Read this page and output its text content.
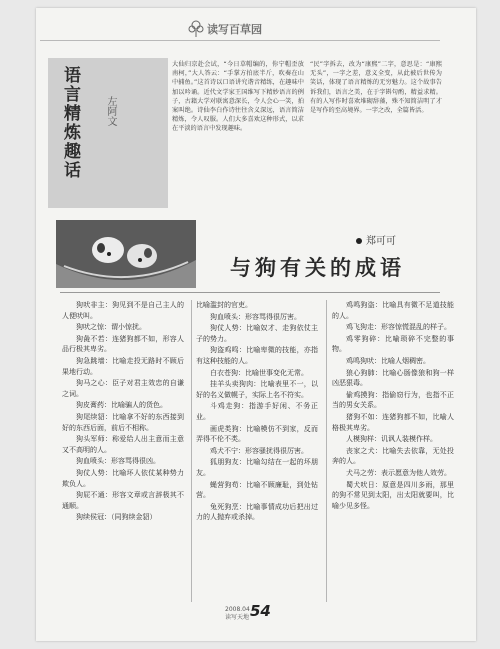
读写百草园
语言精炼趣话	左阿文
大仙归京赴会试，“今日草帽编的，你宁帽歪放南柯，”大人答云：“手掌方拍底半斤，吹奏在山中捕鱼。”这首诗以口语讲究谐音精练，在趣味中加以吟诵。近代文学家王国维写下精妙语言的例子，古籍大学对联寓意深长，令人会心一笑，拍案叫绝。诗仙李白作诗往往含义深远，语言简洁精炼，令人叹服。人们大多喜欢这种形式，以求在平淡的语言中发现趣味。
“民”字拆去，改为“康熙”二字，意思是：“康熙无头”，一字之差，意义全变，从此被后世传为笑话，体现了语言精炼的无穷魅力。这个故事告诉我们，语言之美，在于字斟句酌，精益求精。有的人写作时喜欢堆砌辞藻，殊不知简洁明了才是写作的至高境界。一字之改，全篇皆活。
郑可可
与狗有关的成语

狗吠非主：狗见到不是自己主人的人便吠叫。

狗吠之惊：谓小惊扰。

狗彘不若：连猪狗都不如，形容人品行极其卑劣。

狗急跳墙：比喻走投无路时不顾后果地行动。

狗马之心：臣子对君主效忠的自谦之词。

狗皮膏药：比喻骗人的货色。

狗尾续貂：比喻拿不好的东西接到好的东西后面，前后不相称。

狗头军师：称爱给人出主意而主意又不高明的人。

狗血喷头：形容骂得很凶。

狗仗人势：比喻坏人依仗某种势力欺负人。

狗屁不通：形容文章或言辞极其不通顺。

狗续侯冠：（同狗续金貂）

比喻滥封的官吏。

狗血喷头：形容骂得很厉害。

狗仗人势：比喻奴才、走狗依仗主子的势力。

狗盗鸡鸣：比喻卑微的技能，亦指有这种技能的人。

白衣苍狗：比喻世事变化无常。

挂羊头卖狗肉：比喻表里不一，以好的名义做幌子，实际上名不符实。

斗鸡走狗：指游手好闲、不务正业。

画虎类狗：比喻模仿不到家，反而弄得不伦不类。

鸡犬不宁：形容骚扰得很厉害。

狐朋狗友：比喻勾结在一起的坏朋友。

蝇营狗苟：比喻不顾廉耻，到处钻营。

兔死狗烹：比喻事情成功后把出过力的人抛弃或杀掉。

鸡鸣狗盗：比喻具有微不足道技能的人。

鸡飞狗走：形容惊慌混乱的样子。

鸡零狗碎：比喻琐碎不完整的事物。

鸡鸣狗吠：比喻人烟稠密。

狼心狗肺：比喻心肠像狼和狗一样凶恶狠毒。

偷鸡摸狗：指偷窃行为，也指不正当的男女关系。

猪狗不如：连猪狗都不如，比喻人格极其卑劣。

人模狗样：讥讽人装模作样。

丧家之犬：比喻失去依靠，无处投奔的人。

犬马之劳：表示愿意为他人效劳。

蜀犬吠日：原意是四川多雨，那里的狗不常见到太阳，出太阳就要叫，比喻少见多怪。

2008.04
读写天地 54
